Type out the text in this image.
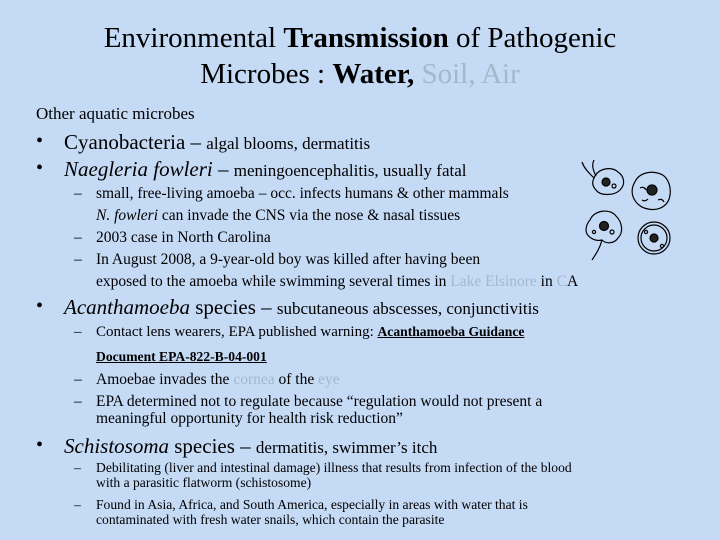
Environmental Transmission of Pathogenic
Microbes : Water, Soil, Air
Other aquatic microbes
• Cyanobacteria – algal blooms, dermatitis
• Naegleria fowleri – meningoencephalitis, usually fatal
– small, free-living amoeba – occ. infects humans & other mammals
N. fowleri can invade the CNS via the nose & nasal tissues
– 2003 case in North Carolina
– In August 2008, a 9-year-old boy was killed after having been
exposed to the amoeba while swimming several times in Lake Elsinore in CA
• Acanthamoeba species – subcutaneous abscesses, conjunctivitis
– Contact lens wearers, EPA published warning: Acanthamoeba Guidance
Document EPA-822-B-04-001
– Amoebae invades the cornea of the eye
– EPA determined not to regulate because “regulation would not present a
meaningful opportunity for health risk reduction”
• Schistosoma species – dermatitis, swimmer’s itch
– Debilitating (liver and intestinal damage) illness that results from infection of the blood
with a parasitic flatworm (schistosome)
– Found in Asia, Africa, and South America, especially in areas with water that is
contaminated with fresh water snails, which contain the parasite
